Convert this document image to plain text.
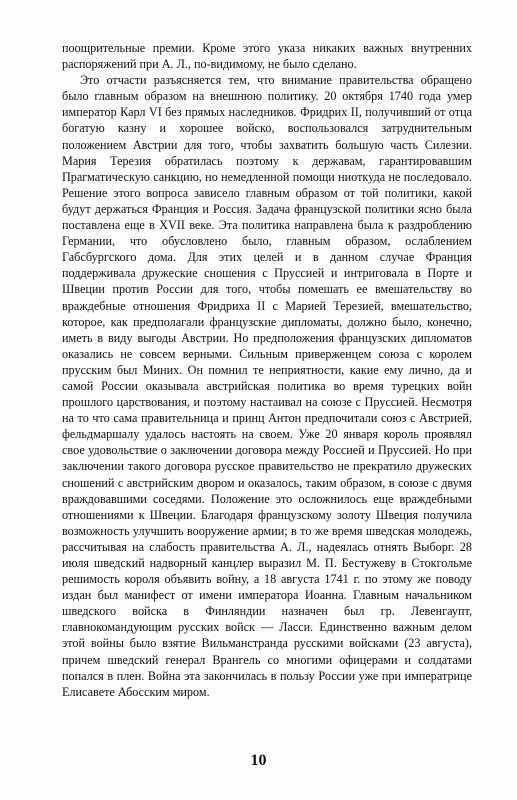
поощрительные премии. Кроме этого указа никаких важных внутренних распоряжений при А. Л., по-видимому, не было сделано.

Это отчасти разъясняется тем, что внимание правительства обращено было главным образом на внешнюю политику. 20 октября 1740 года умер император Карл VI без прямых наследников. Фридрих II, получивший от отца богатую казну и хорошее войско, воспользовался затруднительным положением Австрии для того, чтобы захватить большую часть Силезии. Мария Терезия обратилась поэтому к державам, гарантировавшим Прагматическую санкцию, но немедленной помощи ниоткуда не последовало. Решение этого вопроса зависело главным образом от той политики, какой будут держаться Франция и Россия. Задача французской политики ясно была поставлена еще в XVII веке. Эта политика направлена была к раздроблению Германии, что обусловлено было, главным образом, ослаблением Габсбургского дома. Для этих целей и в данном случае Франция поддерживала дружеские сношения с Пруссией и интриговала в Порте и Швеции против России для того, чтобы помешать ее вмешательству во враждебные отношения Фридриха II с Марией Терезией, вмешательство, которое, как предполагали французские дипломаты, должно было, конечно, иметь в виду выгоды Австрии. Но предположения французских дипломатов оказались не совсем верными. Сильным приверженцем союза с королем прусским был Миних. Он помнил те неприятности, какие ему лично, да и самой России оказывала австрийская политика во время турецких войн прошлого царствования, и поэтому настаивал на союзе с Пруссией. Несмотря на то что сама правительница и принц Антон предпочитали союз с Австрией, фельдмаршалу удалось настоять на своем. Уже 20 января король проявлял свое удовольствие о заключении договора между Россией и Пруссией. Но при заключении такого договора русское правительство не прекратило дружеских сношений с австрийским двором и оказалось, таким образом, в союзе с двумя враждовавшими соседями. Положение это осложнилось еще враждебными отношениями к Швеции. Благодаря французскому золоту Швеция получила возможность улучшить вооружение армии; в то же время шведская молодежь, рассчитывая на слабость правительства А. Л., надеялась отнять Выборг. 28 июля шведский надворный канцлер выразил М. П. Бестужеву в Стокгольме решимость короля объявить войну, а 18 августа 1741 г. по этому же поводу издан был манифест от имени императора Иоанна. Главным начальником шведского войска в Финляндии назначен был гр. Левенгаупт, главнокомандующим русских войск — Ласси. Единственно важным делом этой войны было взятие Вильманстранда русскими войсками (23 августа), причем шведский генерал Врангель со многими офицерами и солдатами попался в плен. Война эта закончилась в пользу России уже при императрице Елисавете Абосским миром.

10
